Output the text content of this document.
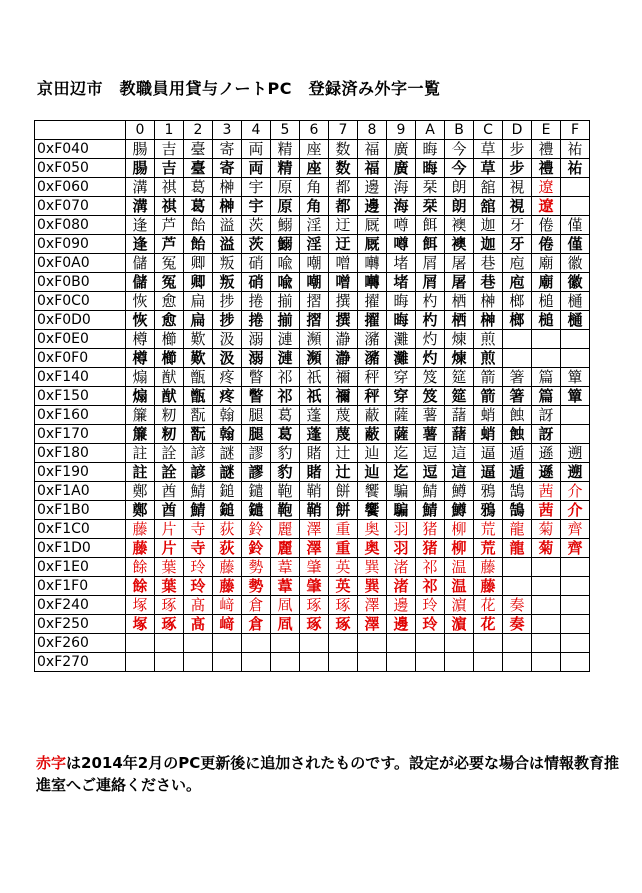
京田辺市　教職員用貸与ノートPC　登録済み外字一覧
	0	1	2	3	4	5	6	7	8	9	A	B	C	D	E	F
0xF040	腸	吉	臺	寄	両	精	座	数	福	廣	晦	今	草	步	禮	祐
0xF050	腸	吉	臺	寄	両	精	座	数	福	廣	晦	今	草	步	禮	祐
0xF060	溝	祺	葛	榊	宇	原	角	都	邊	海	栞	朗	舘	視	遼	
0xF070	溝	祺	葛	榊	宇	原	角	都	邊	海	栞	朗	舘	視	遼	
0xF080	逢	芦	飴	溢	茨	鰯	淫	迂	厩	噂	餌	襖	迦	牙	倦	僅
0xF090	逢	芦	飴	溢	茨	鰯	淫	迂	厩	噂	餌	襖	迦	牙	倦	僅
0xF0A0	儲	冤	卿	叛	硝	喩	嘲	噌	囀	堵	屑	屠	巷	庖	廟	徽
0xF0B0	儲	冤	卿	叛	硝	喩	嘲	噌	囀	堵	屑	屠	巷	庖	廟	徽
0xF0C0	恢	愈	扁	捗	捲	揃	摺	撰	擢	晦	杓	栖	榊	榔	槌	樋
0xF0D0	恢	愈	扁	捗	捲	揃	摺	撰	擢	晦	杓	栖	榊	榔	槌	樋
0xF0E0	樽	櫛	歎	汲	溺	漣	瀕	瀞	瀦	灘	灼	煉	煎			
0xF0F0	樽	櫛	歎	汲	溺	漣	瀕	瀞	瀦	灘	灼	煉	煎			
0xF140	煽	猷	甑	疼	瞥	祁	祇	禰	秤	穿	笈	筵	箭	箸	篇	簞
0xF150	煽	猷	甑	疼	瞥	祁	祇	禰	秤	穿	笈	筵	箭	箸	篇	簞
0xF160	簾	籾	翫	翰	腿	葛	蓬	蔑	蔽	薩	薯	藷	蛸	蝕	訝	
0xF170	簾	籾	翫	翰	腿	葛	蓬	蔑	蔽	薩	薯	藷	蛸	蝕	訝	
0xF180	註	詮	諺	謎	謬	豹	賭	辻	辿	迄	逗	這	逼	遁	遜	遡
0xF190	註	詮	諺	謎	謬	豹	賭	辻	辿	迄	逗	這	逼	遁	遜	遡
0xF1A0	鄭	酋	鯖	鎚	鑓	鞄	鞘	餅	饗	騙	鯖	鱒	鴉	鵠	茜	介
0xF1B0	鄭	酋	鯖	鎚	鑓	鞄	鞘	餅	饗	騙	鯖	鱒	鴉	鵠	茜	介
0xF1C0	藤	片	寺	荻	鈴	麗	澤	重	奥	羽	猪	柳	荒	龍	菊	齊
0xF1D0	藤	片	寺	荻	鈴	麗	澤	重	奥	羽	猪	柳	荒	龍	菊	齊
0xF1E0	餘	葉	玲	藤	勢	葦	肇	英	巽	渚	祁	温	藤			
0xF1F0	餘	葉	玲	藤	勢	葦	肇	英	巽	渚	祁	温	藤			
0xF240	塚	琢	髙	﨑	倉	凮	琢	琢	澤	邊	玲	濵	花	奏		
0xF250	塚	琢	髙	﨑	倉	凮	琢	琢	澤	邊	玲	濵	花	奏		
0xF260																
0xF270																
赤字は2014年2月のPC更新後に追加されたものです。設定が必要な場合は情報教育推進室へご連絡ください。
